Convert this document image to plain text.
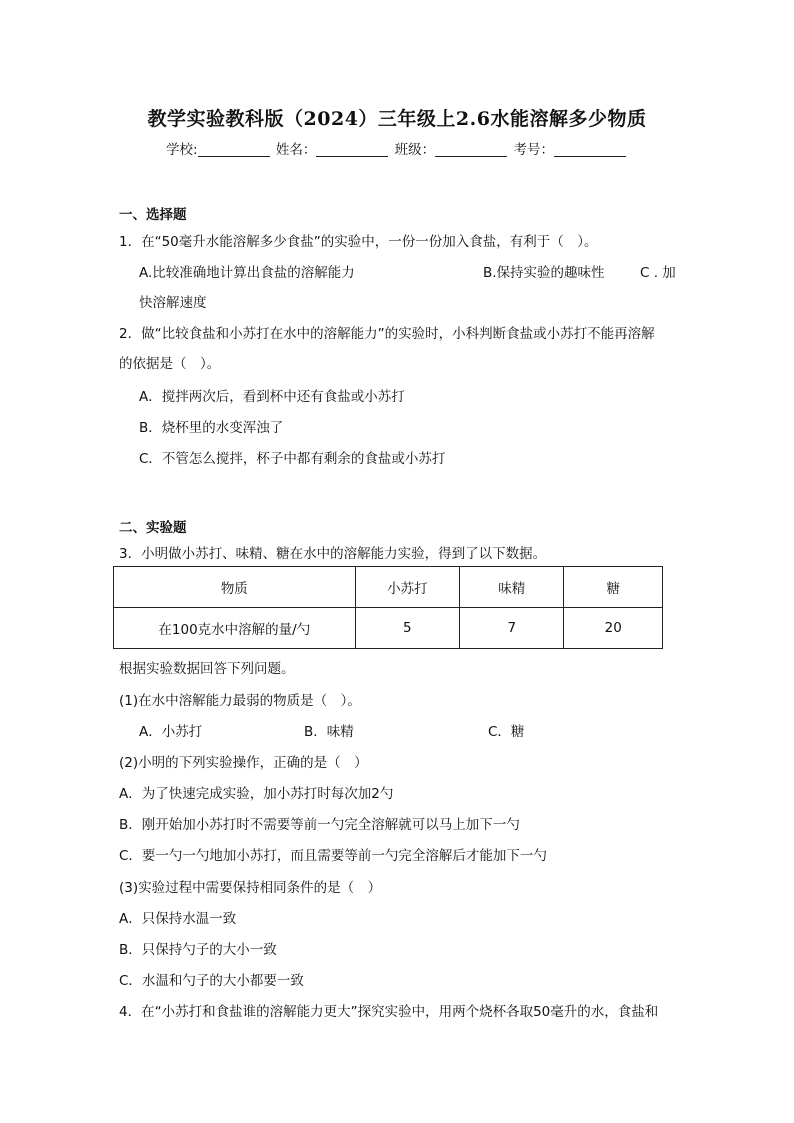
教学实验教科版（2024）三年级上2.6水能溶解多少物质
学校:	姓名：	班级：	考号：
一、选择题
1．在“50毫升水能溶解多少食盐”的实验中，一份一份加入食盐，有利于（　）。
A.比较准确地计算出食盐的溶解能力	B.保持实验的趣味性	C . 加
快溶解速度
2．做“比较食盐和小苏打在水中的溶解能力”的实验时，小科判断食盐或小苏打不能再溶解
的依据是（　）。
A．搅拌两次后，看到杯中还有食盐或小苏打
B．烧杯里的水变浑浊了
C．不管怎么搅拌，杯子中都有剩余的食盐或小苏打
二、实验题
3．小明做小苏打、味精、糖在水中的溶解能力实验，得到了以下数据。
物质	小苏打	味精	糖
在100克水中溶解的量/勺	5	7	20
根据实验数据回答下列问题。
(1)在水中溶解能力最弱的物质是（　）。
A．小苏打	B．味精	C．糖
(2)小明的下列实验操作，正确的是（　）
A．为了快速完成实验，加小苏打时每次加2勺
B．刚开始加小苏打时不需要等前一勺完全溶解就可以马上加下一勺
C．要一勺一勺地加小苏打，而且需要等前一勺完全溶解后才能加下一勺
(3)实验过程中需要保持相同条件的是（　）
A．只保持水温一致
B．只保持勺子的大小一致
C．水温和勺子的大小都要一致
4．在“小苏打和食盐谁的溶解能力更大”探究实验中，用两个烧杯各取50毫升的水，食盐和
